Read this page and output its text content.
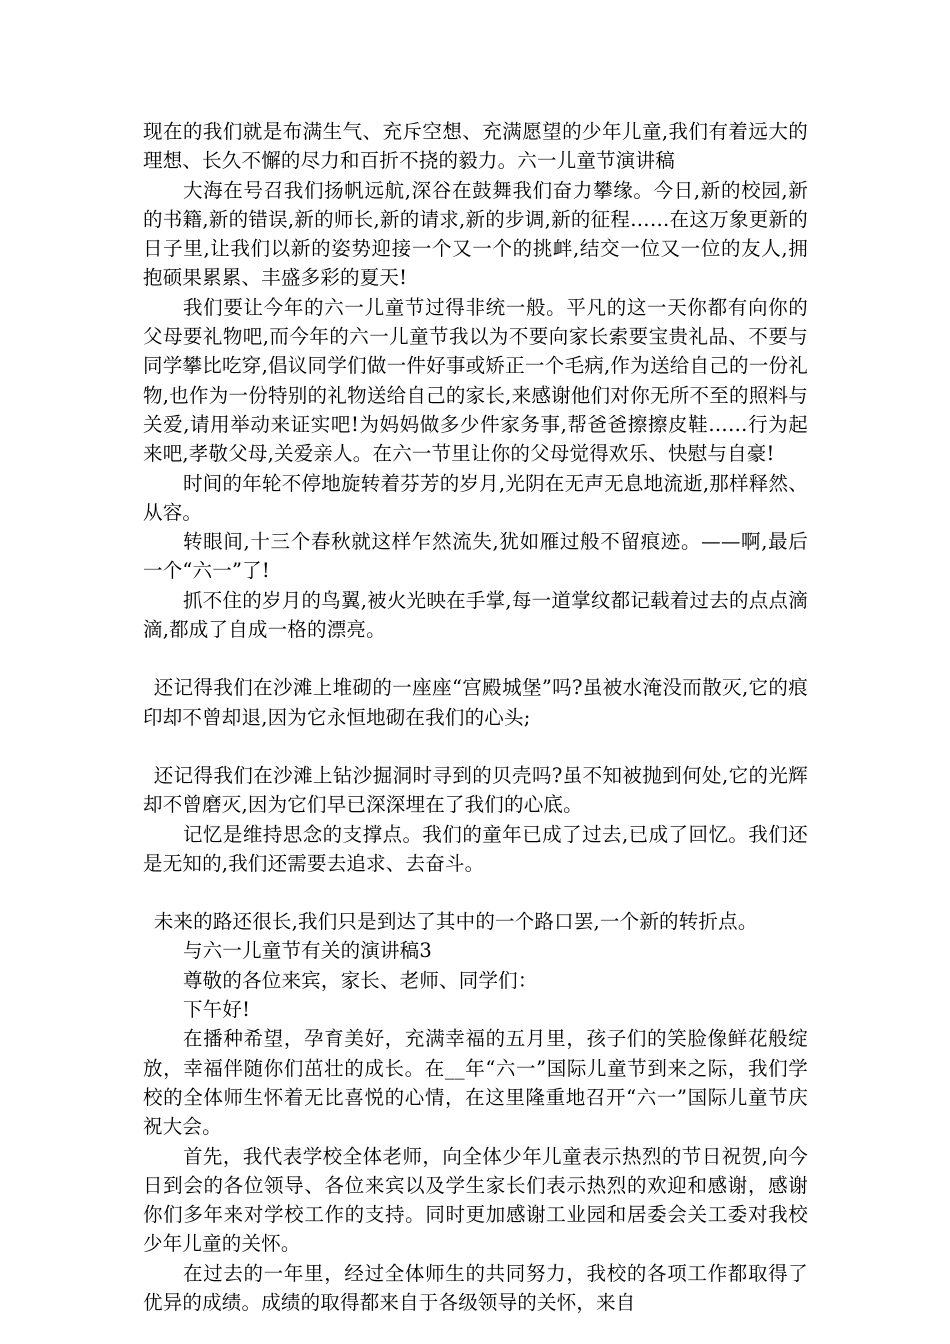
现在的我们就是布满生气、充斥空想、充满愿望的少年儿童,我们有着远大的理想、长久不懈的尽力和百折不挠的毅力。六一儿童节演讲稿

大海在号召我们扬帆远航,深谷在鼓舞我们奋力攀缘。今日,新的校园,新的书籍,新的错误,新的师长,新的请求,新的步调,新的征程……在这万象更新的日子里,让我们以新的姿势迎接一个又一个的挑衅,结交一位又一位的友人,拥抱硕果累累、丰盛多彩的夏天!

我们要让今年的六一儿童节过得非统一般。平凡的这一天你都有向你的父母要礼物吧,而今年的六一儿童节我以为不要向家长索要宝贵礼品、不要与同学攀比吃穿,倡议同学们做一件好事或矫正一个毛病,作为送给自己的一份礼物,也作为一份特别的礼物送给自己的家长,来感谢他们对你无所不至的照料与关爱,请用举动来证实吧!为妈妈做多少件家务事,帮爸爸擦擦皮鞋……行为起来吧,孝敬父母,关爱亲人。在六一节里让你的父母觉得欢乐、快慰与自豪!

时间的年轮不停地旋转着芬芳的岁月,光阴在无声无息地流逝,那样释然、从容。

转眼间,十三个春秋就这样乍然流失,犹如雁过般不留痕迹。——啊,最后一个“六一”了!

抓不住的岁月的鸟翼,被火光映在手掌,每一道掌纹都记载着过去的点点滴滴,都成了自成一格的漂亮。

还记得我们在沙滩上堆砌的一座座“宫殿城堡”吗?虽被水淹没而散灭,它的痕印却不曾却退,因为它永恒地砌在我们的心头;

还记得我们在沙滩上钻沙掘洞时寻到的贝壳吗?虽不知被抛到何处,它的光辉却不曾磨灭,因为它们早已深深埋在了我们的心底。

记忆是维持思念的支撑点。我们的童年已成了过去,已成了回忆。我们还是无知的,我们还需要去追求、去奋斗。

未来的路还很长,我们只是到达了其中的一个路口罢,一个新的转折点。

与六一儿童节有关的演讲稿3

尊敬的各位来宾，家长、老师、同学们：

下午好!

在播种希望，孕育美好，充满幸福的五月里，孩子们的笑脸像鲜花般绽放，幸福伴随你们茁壮的成长。在__年“六一”国际儿童节到来之际，我们学校的全体师生怀着无比喜悦的心情，在这里隆重地召开“六一”国际儿童节庆祝大会。

首先，我代表学校全体老师，向全体少年儿童表示热烈的节日祝贺,向今日到会的各位领导、各位来宾以及学生家长们表示热烈的欢迎和感谢，感谢你们多年来对学校工作的支持。同时更加感谢工业园和居委会关工委对我校少年儿童的关怀。

在过去的一年里，经过全体师生的共同努力，我校的各项工作都取得了优异的成绩。成绩的取得都来自于各级领导的关怀，来自
